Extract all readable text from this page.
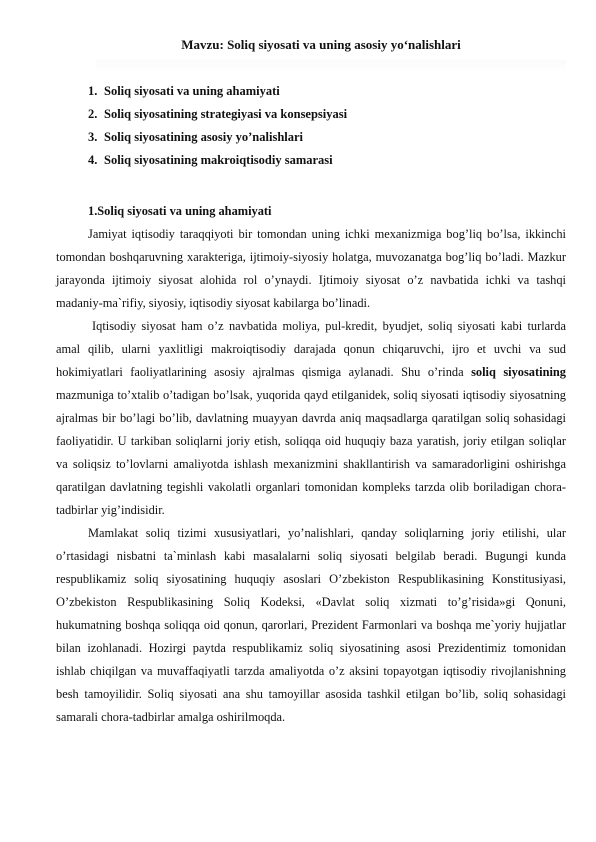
Mavzu: Soliq siyosati va uning asosiy yo‘nalishlari
1. Soliq siyosati va uning ahamiyati
2. Soliq siyosatining strategiyasi va konsepsiyasi
3. Soliq siyosatining asosiy yo’nalishlari
4. Soliq siyosatining makroiqtisodiy samarasi

1.Soliq siyosati va uning ahamiyati

Jamiyat iqtisodiy taraqqiyoti bir tomondan uning ichki mexanizmiga bog’liq bo’lsa, ikkinchi tomondan boshqaruvning xarakteriga, ijtimoiy-siyosiy holatga, muvozanatga bog’liq bo’ladi. Mazkur jarayonda ijtimoiy siyosat alohida rol o’ynaydi. Ijtimoiy siyosat o’z navbatida ichki va tashqi madaniy-ma`rifiy, siyosiy, iqtisodiy siyosat kabilarga bo’linadi.

Iqtisodiy siyosat ham o’z navbatida moliya, pul-kredit, byudjet, soliq siyosati kabi turlarda amal qilib, ularni yaxlitligi makroiqtisodiy darajada qonun chiqaruvchi, ijro et uvchi va sud hokimiyatlari faoliyatlarining asosiy ajralmas qismiga aylanadi. Shu o’rinda soliq siyosatining mazmuniga to’xtalib o’tadigan bo’lsak, yuqorida qayd etilganidek, soliq siyosati iqtisodiy siyosatning ajralmas bir bo’lagi bo’lib, davlatning muayyan davrda aniq maqsadlarga qaratilgan soliq sohasidagi faoliyatidir. U tarkiban soliqlarni joriy etish, soliqqa oid huquqiy baza yaratish, joriy etilgan soliqlar va soliqsiz to’lovlarni amaliyotda ishlash mexanizmini shakllantirish va samaradorligini oshirishga qaratilgan davlatning tegishli vakolatli organlari tomonidan kompleks tarzda olib boriladigan chora-tadbirlar yig’indisidir.

Mamlakat soliq tizimi xususiyatlari, yo’nalishlari, qanday soliqlarning joriy etilishi, ular o’rtasidagi nisbatni ta`minlash kabi masalalarni soliq siyosati belgilab beradi. Bugungi kunda respublikamiz soliq siyosatining huquqiy asoslari O’zbekiston Respublikasining Konstitusiyasi, O’zbekiston Respublikasining Soliq Kodeksi, «Davlat soliq xizmati to’g’risida»gi Qonuni, hukumatning boshqa soliqqa oid qonun, qarorlari, Prezident Farmonlari va boshqa me`yoriy hujjatlar bilan izohlanadi. Hozirgi paytda respublikamiz soliq siyosatining asosi Prezidentimiz tomonidan ishlab chiqilgan va muvaffaqiyatli tarzda amaliyotda o’z aksini topayotgan iqtisodiy rivojlanishning besh tamoyilidir. Soliq siyosati ana shu tamoyillar asosida tashkil etilgan bo’lib, soliq sohasidagi samarali chora-tadbirlar amalga oshirilmoqda.
